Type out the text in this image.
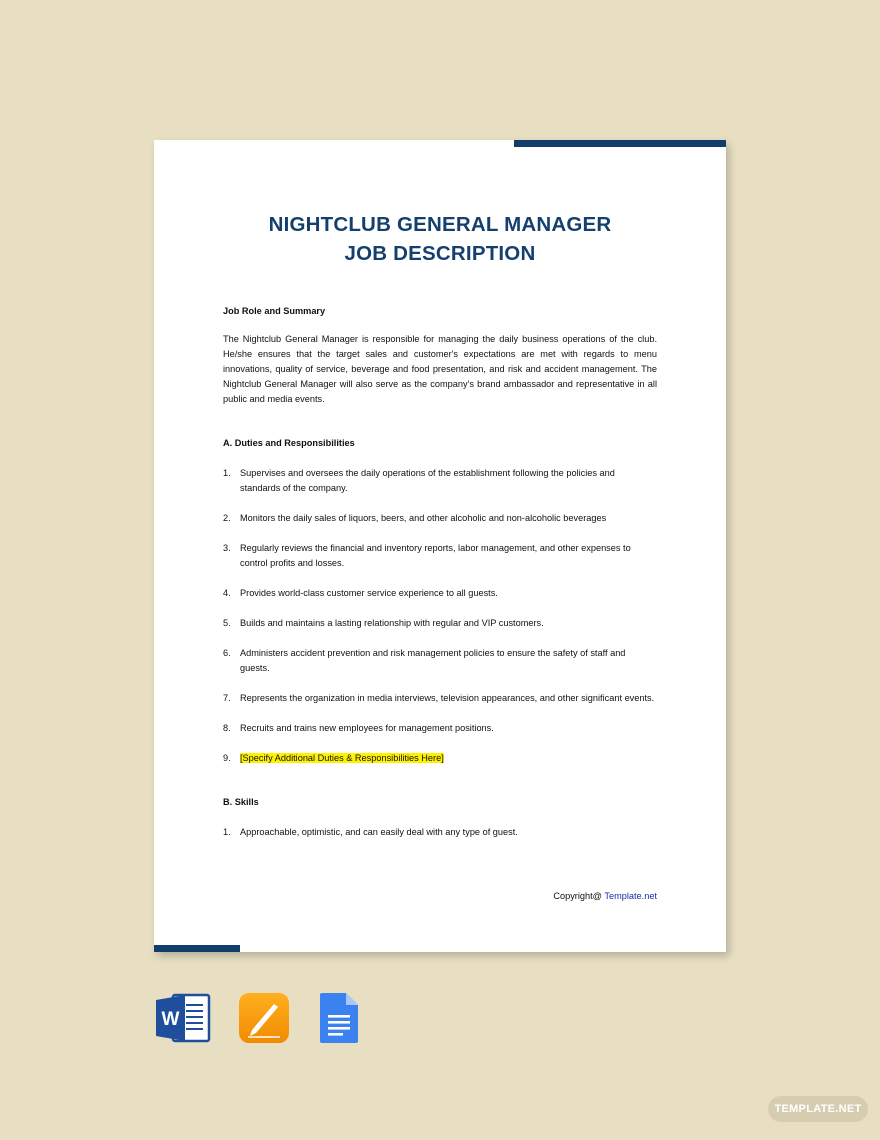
NIGHTCLUB GENERAL MANAGER
JOB DESCRIPTION
Job Role and Summary

The Nightclub General Manager is responsible for managing the daily business operations of the club. He/she ensures that the target sales and customer's expectations are met with regards to menu innovations, quality of service, beverage and food presentation, and risk and accident management. The Nightclub General Manager will also serve as the company's brand ambassador and representative in all public and media events.

A. Duties and Responsibilities
1.	Supervises and oversees the daily operations of the establishment following the policies and standards of the company.
2.	Monitors the daily sales of liquors, beers, and other alcoholic and non-alcoholic beverages
3.	Regularly reviews the financial and inventory reports, labor management, and other expenses to control profits and losses.
4.	Provides world-class customer service experience to all guests.
5.	Builds and maintains a lasting relationship with regular and VIP customers.
6.	Administers accident prevention and risk management policies to ensure the safety of staff and guests.
7.	Represents the organization in media interviews, television appearances, and other significant events.
8.	Recruits and trains new employees for management positions.
9.	[Specify Additional Duties & Responsibilities Here]
B. Skills
1.	Approachable, optimistic, and can easily deal with any type of guest.
Copyright@ Template.net
W
TEMPLATE.NET
